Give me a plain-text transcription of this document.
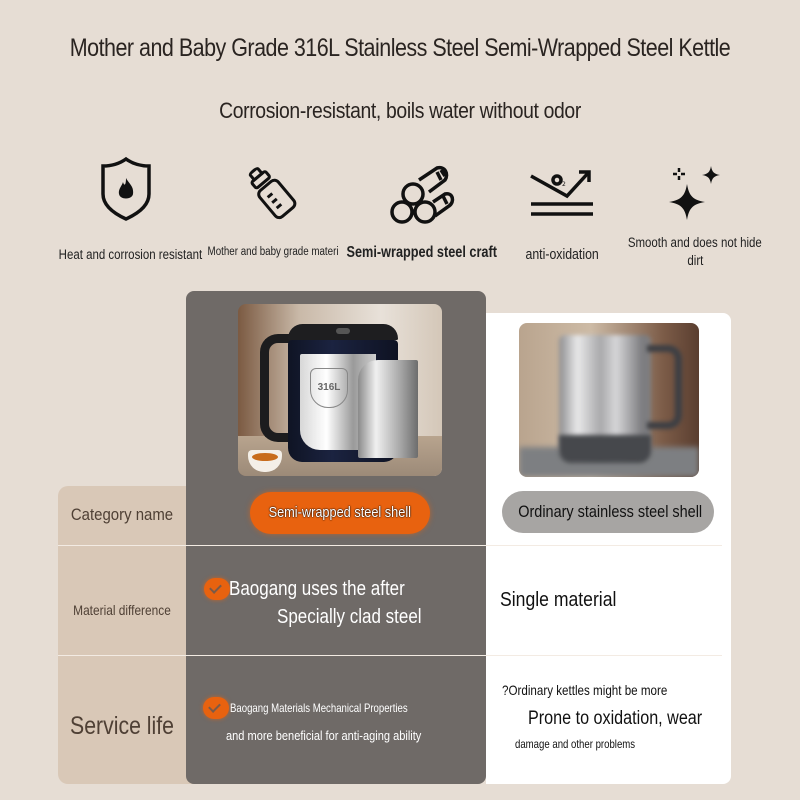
Mother and Baby Grade 316L Stainless Steel Semi-Wrapped Steel Kettle
Corrosion-resistant, boils water without odor
Heat and corrosion resistant Mother and baby grade materi Semi-wrapped steel craft
2
anti-oxidation
Smooth and does not hide
dirt
Category name
Material difference
Service life
316L
Semi-wrapped steel shell	Ordinary stainless steel shell
Baogang uses the after
Specially clad steel
Single material
Baogang Materials Mechanical Properties
and more beneficial for anti-aging ability
?Ordinary kettles might be more
Prone to oxidation, wear
damage and other problems
